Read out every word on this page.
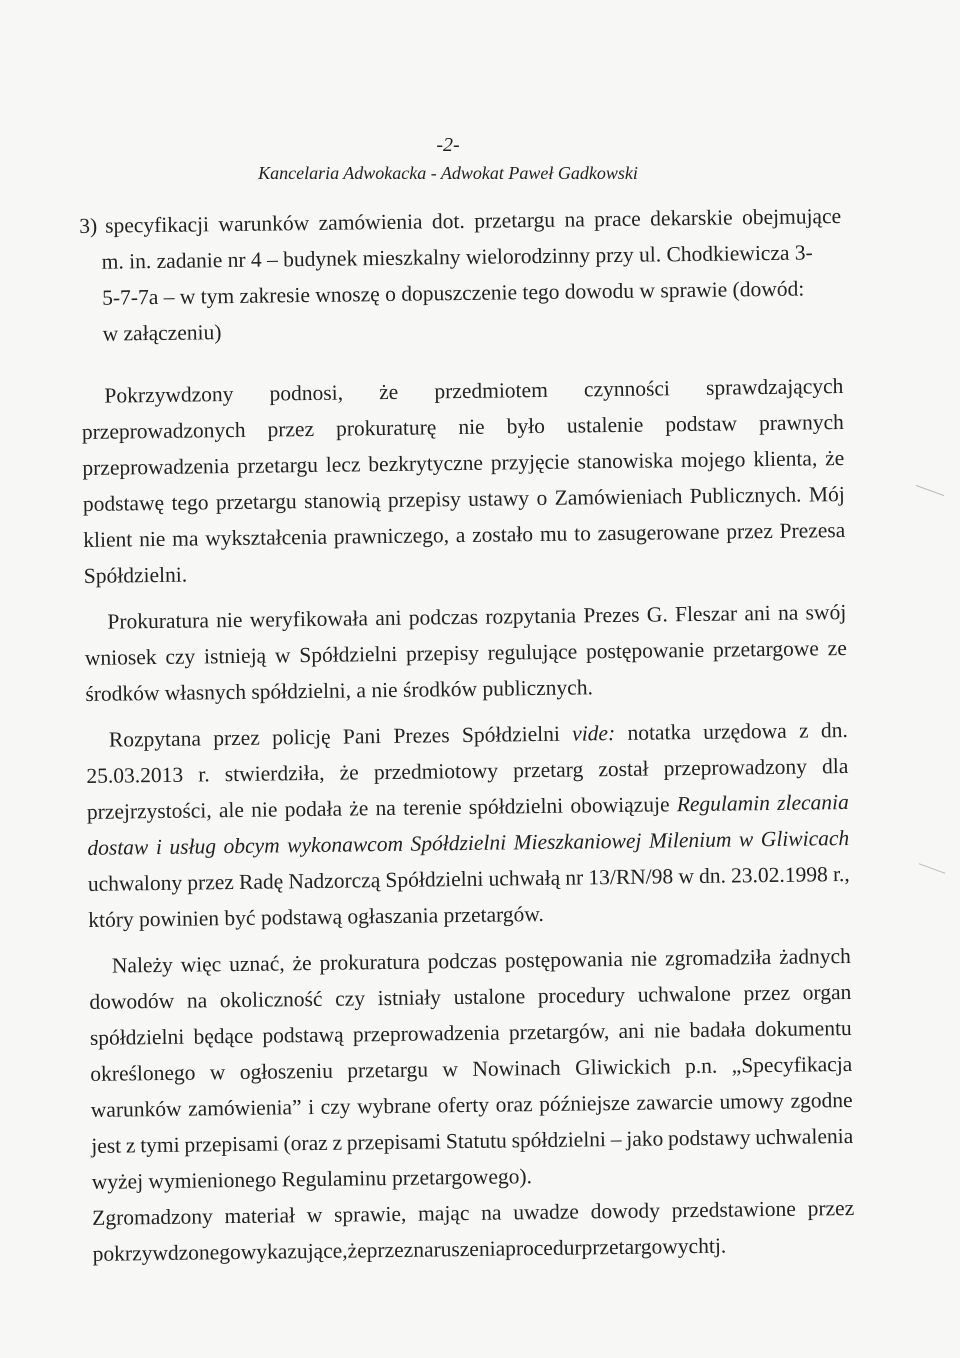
-2-
Kancelaria Adwokacka - Adwokat Paweł Gadkowski
3) specyfikacji warunków zamówienia dot. przetargu na prace dekarskie obejmujące
m. in. zadanie nr 4 – budynek mieszkalny wielorodzinny przy ul. Chodkiewicza 3-
5-7-7a – w tym zakresie wnoszę o dopuszczenie tego dowodu w sprawie (dowód:
w załączeniu)
Pokrzywdzony podnosi, że przedmiotem czynności sprawdzających
przeprowadzonych przez prokuraturę nie było ustalenie podstaw prawnych
przeprowadzenia przetargu lecz bezkrytyczne przyjęcie stanowiska mojego klienta, że
podstawę tego przetargu stanowią przepisy ustawy o Zamówieniach Publicznych. Mój
klient nie ma wykształcenia prawniczego, a zostało mu to zasugerowane przez Prezesa
Spółdzielni.
Prokuratura nie weryfikowała ani podczas rozpytania Prezes G. Fleszar ani na swój
wniosek czy istnieją w Spółdzielni przepisy regulujące postępowanie przetargowe ze
środków własnych spółdzielni, a nie środków publicznych.
Rozpytana przez policję Pani Prezes Spółdzielni vide: notatka urzędowa z dn.
25.03.2013 r. stwierdziła, że przedmiotowy przetarg został przeprowadzony dla
przejrzystości, ale nie podała że na terenie spółdzielni obowiązuje Regulamin zlecania
dostaw i usług obcym wykonawcom Spółdzielni Mieszkaniowej Milenium w Gliwicach
uchwalony przez Radę Nadzorczą Spółdzielni uchwałą nr 13/RN/98 w dn. 23.02.1998 r.,
który powinien być podstawą ogłaszania przetargów.
Należy więc uznać, że prokuratura podczas postępowania nie zgromadziła żadnych
dowodów na okoliczność czy istniały ustalone procedury uchwalone przez organ
spółdzielni będące podstawą przeprowadzenia przetargów, ani nie badała dokumentu
określonego w ogłoszeniu przetargu w Nowinach Gliwickich p.n. „Specyfikacja
warunków zamówienia” i czy wybrane oferty oraz późniejsze zawarcie umowy zgodne
jest z tymi przepisami (oraz z przepisami Statutu spółdzielni – jako podstawy uchwalenia
wyżej wymienionego Regulaminu przetargowego).
Zgromadzony materiał w sprawie, mając na uwadze dowody przedstawione przez
pokrzywdzonego wykazujące, że przez naruszenia procedur przetargowych tj.
